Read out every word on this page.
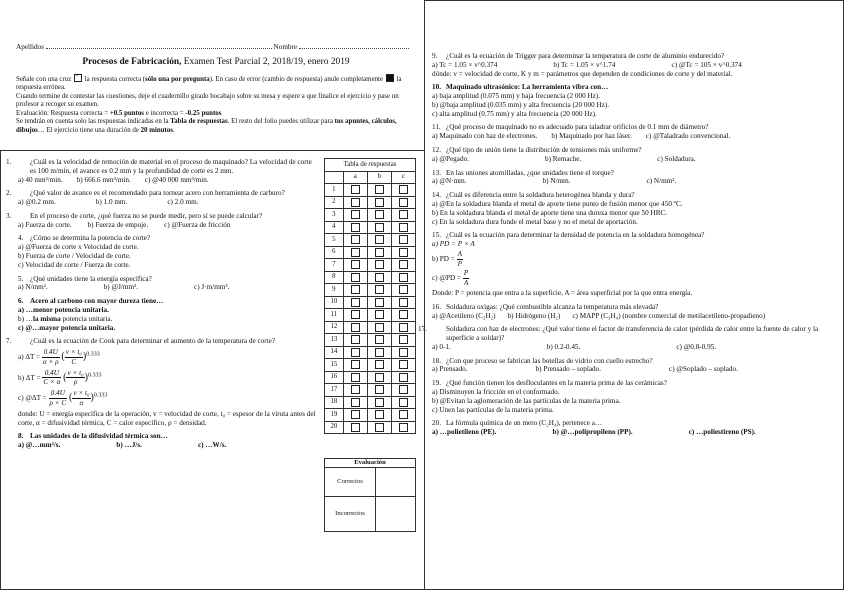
Apellidos	Nombre
Procesos de Fabricación, Examen Test Parcial 2, 2018/19, enero 2019

Señale con una cruz × la respuesta correcta (sólo una por pregunta). En caso de error (cambio de respuesta) anule completamente la respuesta errónea.

Cuando termine de contestar las cuestiones, deje el cuadernillo girado bocabajo sobre su mesa y espere a que finalice el ejercicio y pase un profesor a recoger su examen.

Evaluación: Respuesta correcta = +0.5 puntos e incorrecta = -0.25 puntos

Se tendrán en cuenta solo las respuestas indicadas en la Tabla de respuestas. El resto del folio puedes utilizar para tus apuntes, cálculos, dibujos… El ejercicio tiene una duración de 20 minutos.

1.	¿Cuál es la velocidad de remoción de material en el proceso de maquinado? La velocidad de corte es 100 m/min, el avance es 0.2 mm y la profundidad de corte es 2 mm.

a) 40 mm³/min. b) 666.6 mm³/min. c) @40 000 mm³/min.

2.	¿Qué valor de avance es el recomendado para tornear acero con herramienta de carburo?

a) @0.2 mm.	b) 1.0 mm.	c) 2.0 mm.

3.	En el proceso de corte, ¿qué fuerza no se puede medir, pero sí se puede calcular?

a) Fuerza de corte. b) Fuerza de empuje. c) @Fuerza de fricción

4. ¿Cómo se determina la potencia de corte?

a) @Fuerza de corte x Velocidad de corte.

b) Fuerza de corte / Velocidad de corte.

c) Velocidad de corte / Fuerza de corte.

5. ¿Qué unidades tiene la energía específica?

a) N/mm².	b) @J/mm³.	c) J·m/mm³.

6. Acero al carbono con mayor dureza tiene…

a) …menor potencia unitaria.

b) …la misma potencia unitaria.

c) @…mayor potencia unitaria.

7.	¿Cuál es la ecuación de Cook para determinar el aumento de la temperatura de corte?

a) $\Delta T = \frac{0.4U}{\alpha \times \rho}$ ( $\frac{\text{v × t₀}}{C} )^{0.333}$
b) $\Delta T = \frac{0.4U}{C \times \alpha}$ ( $\frac{\text{v × t₀}}{\rho} )^{0.333}$
c) @ΔT = $\frac{0.4U}{\rho \times C}$ ( $\frac{\text{v × t₀}}{\alpha} )^{0.333}$

donde: U = energía específica de la operación, v = velocidad de corte, t₀ = espesor de la viruta antes del corte, α = difusividad térmica, C = calor específico, ρ = densidad.

8. Las unidades de la difusividad térmica son…

a) @…mm²/s.	b) …J/s.	c) …W/s.
Tabla de respuestas			
	a	b	c
1			
2			
3			
4			
5			
6			
7			
8			
9			
10			
11			
12			
13			
14			
15			
16			
17			
18			
19			
20			
Evaluación
Correctos
Incorrectos

9. ¿Cuál es la ecuación de Trigger para determinar la temperatura de corte de aluminio endurecido?

a) Tc = 1.05 × v^0.374	b) Tc = 1.05 × v^1.74	c) @Tc = 105 × v^0.374

dónde: v = velocidad de corte, K y m = parámetros que dependen de condiciones de corte y del material.

10. Maquinado ultrasónico: La herramienta vibra con…

a) baja amplitud (0.075 mm) y baja frecuencia (2 000 Hz).

b) @baja amplitud (0.035 mm) y alta frecuencia (20 000 Hz).

c) alta amplitud (0.75 mm) y alta frecuencia (20 000 Hz).

11. ¿Qué proceso de maquinado no es adecuado para taladrar orificios de 0.1 mm de diámetro?

a) Maquinado con haz de electrones. b) Maquinado por haz láser. c) @Taladrado convencional.

12. ¿Qué tipo de unión tiene la distribución de tensiones más uniforme?

a) @Pegado.	b) Remache.	c) Soldadura.

13. En las uniones atornilladas, ¿que unidades tiene el torque?

a) @N·mm.	b) N/mm.	c) N/mm².

14. ¿Cuál es diferencia entre la soldadura heterogénea blanda y dura?

a) @En la soldadura blanda el metal de aporte tiene punto de fusión menor que 450 ºC.

b) En la soldadura blanda el metal de aporte tiene una dureza menor que 50 HRC.

c) En la soldadura dura funde el metal base y no el metal de aportación.

15. ¿Cuál es la ecuación para determinar la densidad de potencia en la soldadura homogénea?

a) PD = P × A

b) PD = $\frac{A}{P}$
c) @PD = $\frac{P}{A}$

Donde: P = potencia que entra a la superficie, A = área superficial por la que entra energía.

16. Soldadura oxigas: ¿Qué combustible alcanza la temperatura más elevada?

a) @Acetileno (C₂H₂) b) Hidrógeno (H₂) c) MAPP (C₃H₄) (nombre comercial de metilacetileno-propadieno)

17.	Soldadura con haz de electrones: ¿Qué valor tiene el factor de transferencia de calor (pérdida de calor entre la fuente de calor y la superficie a soldar)?

a) 0-1.	b) 0.2-0.45.	c) @0.8-0.95.

18. ¿Con que proceso se fabrican las botellas de vidrio con cuello estrecho?

a) Prensado.	b) Prensado – soplado.	c) @Soplado – soplado.

19. ¿Qué función tienen los desfloculantes en la materia prima de las cerámicas?

a) Disminuyen la fricción en el conformado.

b) @Evitan la aglomeración de las partículas de la materia prima.

c) Unen las partículas de la materia prima.

20. La fórmula química de un mero (C₂H₄), pertenece a…

a) …polietileno (PE).	b) @…polipropileno (PP).	c) …poliestireno (PS).
